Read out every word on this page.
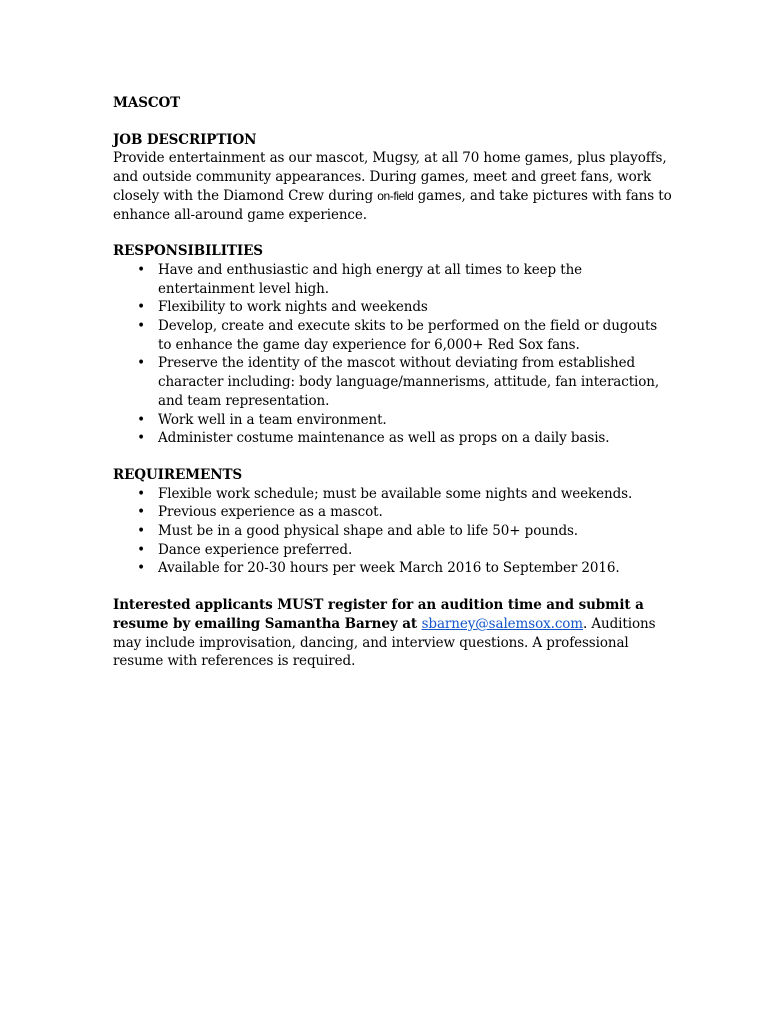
MASCOT
JOB DESCRIPTION
Provide entertainment as our mascot, Mugsy, at all 70 home games, plus playoffs, and outside community appearances. During games, meet and greet fans, work closely with the Diamond Crew during on-field games, and take pictures with fans to enhance all-around game experience.
RESPONSIBILITIES
• Have and enthusiastic and high energy at all times to keep the entertainment level high.
• Flexibility to work nights and weekends
• Develop, create and execute skits to be performed on the field or dugouts to enhance the game day experience for 6,000+ Red Sox fans.
• Preserve the identity of the mascot without deviating from established character including: body language/mannerisms, attitude, fan interaction, and team representation.
• Work well in a team environment.
• Administer costume maintenance as well as props on a daily basis.
REQUIREMENTS
• Flexible work schedule; must be available some nights and weekends.
• Previous experience as a mascot.
• Must be in a good physical shape and able to life 50+ pounds.
• Dance experience preferred.
• Available for 20-30 hours per week March 2016 to September 2016.
Interested applicants MUST register for an audition time and submit a resume by emailing Samantha Barney at sbarney@salemsox.com. Auditions may include improvisation, dancing, and interview questions. A professional resume with references is required.
